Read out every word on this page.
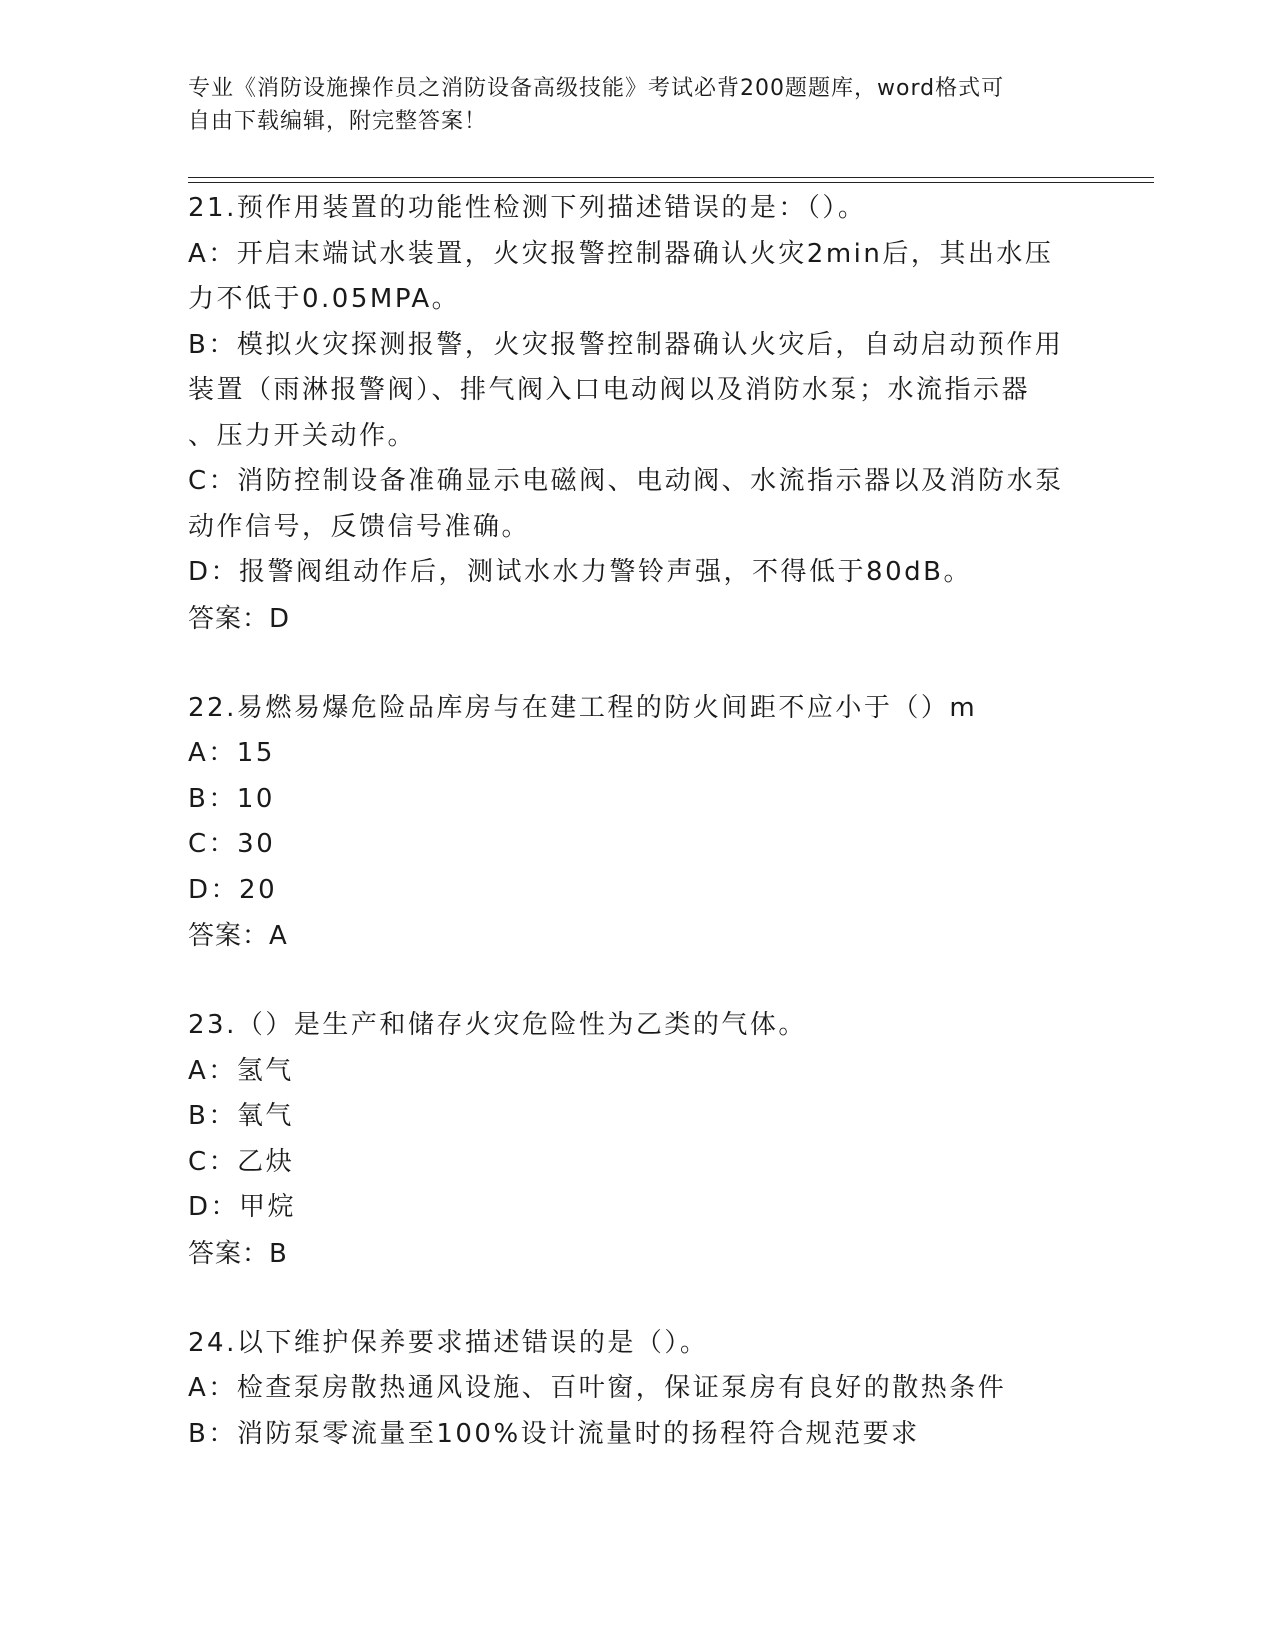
专业《消防设施操作员之消防设备高级技能》考试必背200题题库，word格式可
自由下载编辑，附完整答案！

21.预作用装置的功能性检测下列描述错误的是：（）。

A：开启末端试水装置，火灾报警控制器确认火灾2min后，其出水压

力不低于0.05MPA。

B：模拟火灾探测报警，火灾报警控制器确认火灾后，自动启动预作用

装置（雨淋报警阀）、排气阀入口电动阀以及消防水泵；水流指示器

、压力开关动作。

C：消防控制设备准确显示电磁阀、电动阀、水流指示器以及消防水泵

动作信号，反馈信号准确。

D：报警阀组动作后，测试水水力警铃声强，不得低于80dB。

答案：D

22.易燃易爆危险品库房与在建工程的防火间距不应小于（）m

A：15

B：10

C：30

D：20

答案：A

23.（）是生产和储存火灾危险性为乙类的气体。

A：氢气

B：氧气

C：乙炔

D：甲烷

答案：B

24.以下维护保养要求描述错误的是（）。

A：检查泵房散热通风设施、百叶窗，保证泵房有良好的散热条件

B：消防泵零流量至100%设计流量时的扬程符合规范要求
